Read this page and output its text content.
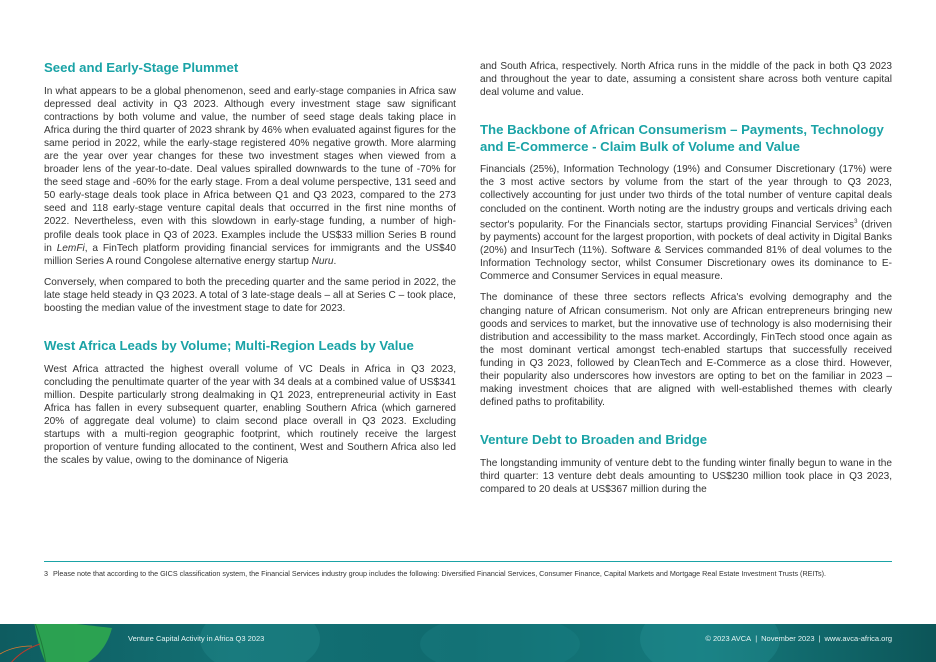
Seed and Early-Stage Plummet

In what appears to be a global phenomenon, seed and early-stage companies in Africa saw depressed deal activity in Q3 2023. Although every investment stage saw significant contractions by both volume and value, the number of seed stage deals taking place in Africa during the third quarter of 2023 shrank by 46% when evaluated against figures for the same period in 2022, while the early-stage registered 40% negative growth. More alarming are the year over year changes for these two investment stages when viewed from a broader lens of the year-to-date. Deal values spiralled downwards to the tune of -70% for the seed stage and -60% for the early stage. From a deal volume perspective, 131 seed and 50 early-stage deals took place in Africa between Q1 and Q3 2023, compared to the 273 seed and 118 early-stage venture capital deals that occurred in the first nine months of 2022. Nevertheless, even with this slowdown in early-stage funding, a number of high-profile deals took place in Q3 of 2023. Examples include the US$33 million Series B round in LemFi, a FinTech platform providing financial services for immigrants and the US$40 million Series A round Congolese alternative energy startup Nuru.

Conversely, when compared to both the preceding quarter and the same period in 2022, the late stage held steady in Q3 2023. A total of 3 late-stage deals – all at Series C – took place, boosting the median value of the investment stage to date for 2023.

West Africa Leads by Volume; Multi-Region Leads by Value

West Africa attracted the highest overall volume of VC Deals in Africa in Q3 2023, concluding the penultimate quarter of the year with 34 deals at a combined value of US$341 million. Despite particularly strong dealmaking in Q1 2023, entrepreneurial activity in East Africa has fallen in every subsequent quarter, enabling Southern Africa (which garnered 20% of aggregate deal volume) to claim second place overall in Q3 2023. Excluding startups with a multi-region geographic footprint, which routinely receive the largest proportion of venture funding allocated to the continent, West and Southern Africa also led the scales by value, owing to the dominance of Nigeria

and South Africa, respectively. North Africa runs in the middle of the pack in both Q3 2023 and throughout the year to date, assuming a consistent share across both venture capital deal volume and value.

The Backbone of African Consumerism – Payments, Technology and E-Commerce - Claim Bulk of Volume and Value

Financials (25%), Information Technology (19%) and Consumer Discretionary (17%) were the 3 most active sectors by volume from the start of the year through to Q3 2023, collectively accounting for just under two thirds of the total number of venture capital deals concluded on the continent. Worth noting are the industry groups and verticals driving each sector's popularity. For the Financials sector, startups providing Financial Services$^3$ (driven by payments) account for the largest proportion, with pockets of deal activity in Digital Banks (20%) and InsurTech (11%). Software & Services commanded 81% of deal volumes to the Information Technology sector, whilst Consumer Discretionary owes its dominance to E-Commerce and Consumer Services in equal measure.

The dominance of these three sectors reflects Africa's evolving demography and the changing nature of African consumerism. Not only are African entrepreneurs bringing new goods and services to market, but the innovative use of technology is also modernising their distribution and accessibility to the mass market. Accordingly, FinTech stood once again as the most dominant vertical amongst tech-enabled startups that successfully received funding in Q3 2023, followed by CleanTech and E-Commerce as a close third. However, their popularity also underscores how investors are opting to bet on the familiar in 2023 – making investment choices that are aligned with well-established themes with clearly defined paths to profitability.

Venture Debt to Broaden and Bridge

The longstanding immunity of venture debt to the funding winter finally begun to wane in the third quarter: 13 venture debt deals amounting to US$230 million took place in Q3 2023, compared to 20 deals at US$367 million during the

3 Please note that according to the GICS classification system, the Financial Services industry group includes the following: Diversified Financial Services, Consumer Finance, Capital Markets and Mortgage Real Estate Investment Trusts (REITs).
Venture Capital Activity in Africa Q3 2023	© 2023 AVCA | November 2023 | www.avca-africa.org
